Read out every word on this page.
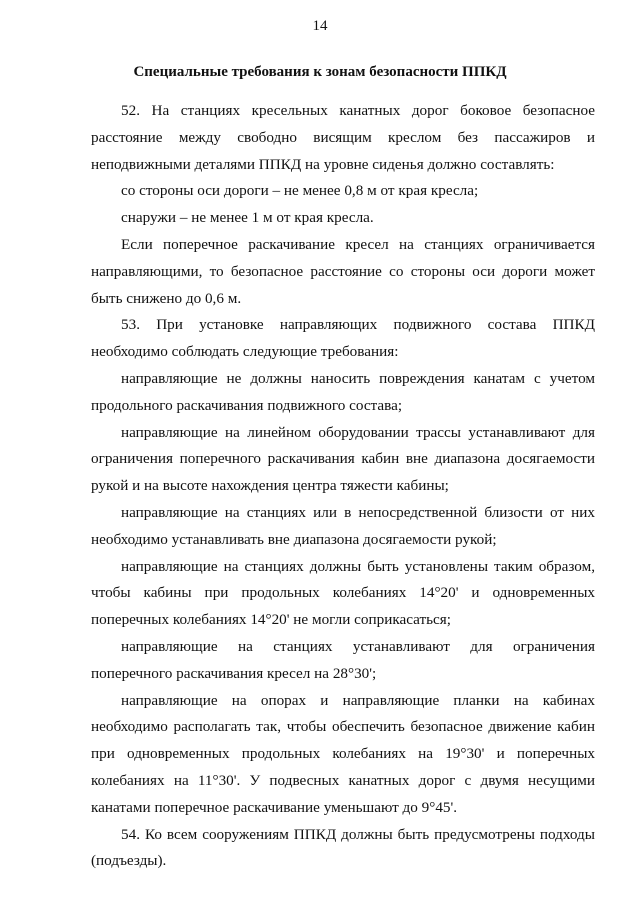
14
Специальные требования к зонам безопасности ППКД

52. На станциях кресельных канатных дорог боковое безопасное расстояние между свободно висящим креслом без пассажиров и неподвижными деталями ППКД на уровне сиденья должно составлять:

со стороны оси дороги – не менее 0,8 м от края кресла;

снаружи – не менее 1 м от края кресла.

Если поперечное раскачивание кресел на станциях ограничивается направляющими, то безопасное расстояние со стороны оси дороги может быть снижено до 0,6 м.

53. При установке направляющих подвижного состава ППКД необходимо соблюдать следующие требования:

направляющие не должны наносить повреждения канатам с учетом продольного раскачивания подвижного состава;

направляющие на линейном оборудовании трассы устанавливают для ограничения поперечного раскачивания кабин вне диапазона досягаемости рукой и на высоте нахождения центра тяжести кабины;

направляющие на станциях или в непосредственной близости от них необходимо устанавливать вне диапазона досягаемости рукой;

направляющие на станциях должны быть установлены таким образом, чтобы кабины при продольных колебаниях 14°20' и одновременных поперечных колебаниях 14°20' не могли соприкасаться;

направляющие на станциях устанавливают для ограничения поперечного раскачивания кресел на 28°30';

направляющие на опорах и направляющие планки на кабинах необходимо располагать так, чтобы обеспечить безопасное движение кабин при одновременных продольных колебаниях на 19°30' и поперечных колебаниях на 11°30'. У подвесных канатных дорог с двумя несущими канатами поперечное раскачивание уменьшают до 9°45'.

54. Ко всем сооружениям ППКД должны быть предусмотрены подходы (подъезды).
